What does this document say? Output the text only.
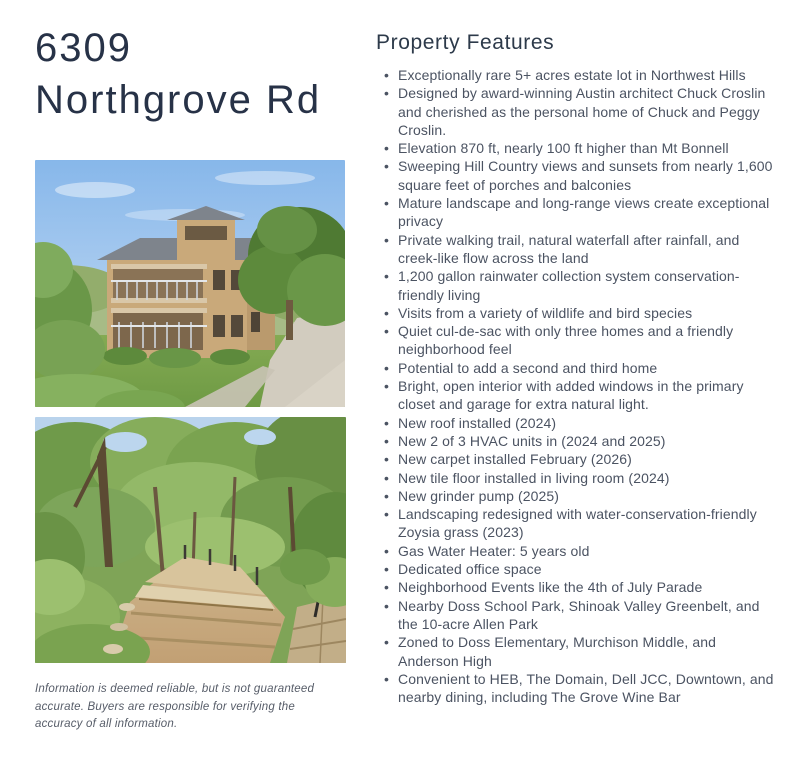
6309
Northgrove Rd

Information is deemed reliable, but is not guaranteed accurate. Buyers are responsible for verifying the accuracy of all information.

Property Features
• Exceptionally rare 5+ acres estate lot in Northwest Hills
• Designed by award-winning Austin architect Chuck Croslin and cherished as the personal home of Chuck and Peggy Croslin.
• Elevation 870 ft, nearly 100 ft higher than Mt Bonnell
• Sweeping Hill Country views and sunsets from nearly 1,600 square feet of porches and balconies
• Mature landscape and long-range views create exceptional privacy
• Private walking trail, natural waterfall after rainfall, and creek-like flow across the land
• 1,200 gallon rainwater collection system conservation-friendly living
• Visits from a variety of wildlife and bird species
• Quiet cul-de-sac with only three homes and a friendly neighborhood feel
• Potential to add a second and third home
• Bright, open interior with added windows in the primary closet and garage for extra natural light.
• New roof installed (2024)
• New 2 of 3 HVAC units in (2024 and 2025)
• New carpet installed February (2026)
• New tile floor installed in living room (2024)
• New grinder pump (2025)
• Landscaping redesigned with water-conservation-friendly Zoysia grass (2023)
• Gas Water Heater: 5 years old
• Dedicated office space
• Neighborhood Events like the 4th of July Parade
• Nearby Doss School Park, Shinoak Valley Greenbelt, and the 10-acre Allen Park
• Zoned to Doss Elementary, Murchison Middle, and Anderson High
• Convenient to HEB, The Domain, Dell JCC, Downtown, and nearby dining, including The Grove Wine Bar
